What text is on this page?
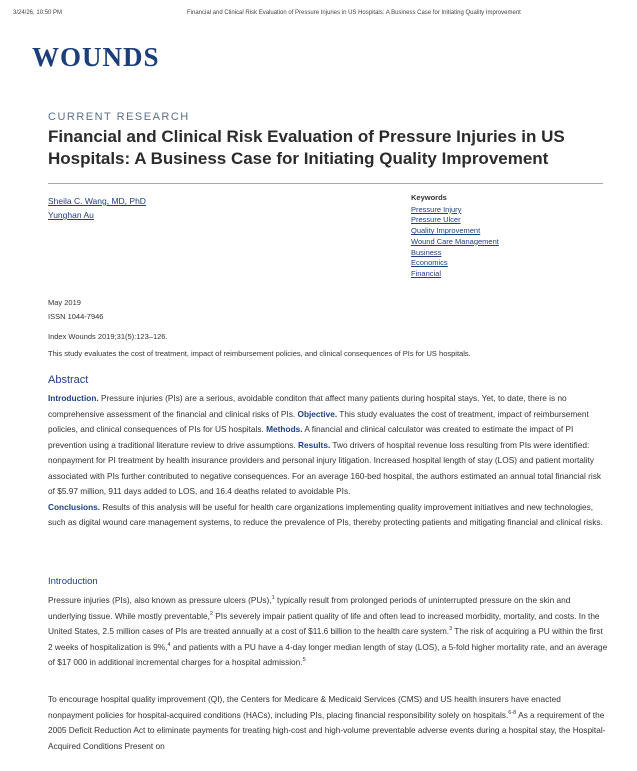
3/24/26, 10:50 PM	Financial and Clinical Risk Evaluation of Pressure Injuries in US Hospitals: A Business Case for Initiating Quality Improvement
WOUNDS
CURRENT RESEARCH
Financial and Clinical Risk Evaluation of Pressure Injuries in US Hospitals: A Business Case for Initiating Quality Improvement
Sheila C. Wang, MD, PhD
Yunghan Au
Keywords
Pressure Injury
Pressure Ulcer
Quality Improvement
Wound Care Management
Business
Economics
Financial
May 2019
ISSN 1044-7946
Index Wounds 2019;31(5):123–126.
This study evaluates the cost of treatment, impact of reimbursement policies, and clinical consequences of PIs for US hospitals.
Abstract

Introduction. Pressure injuries (PIs) are a serious, avoidable conditon that affect many patients during hospital stays. Yet, to date, there is no comprehensive assessment of the financial and clinical risks of PIs. Objective. This study evaluates the cost of treatment, impact of reimbursement policies, and clinical consequences of PIs for US hospitals. Methods. A financial and clinical calculator was created to estimate the impact of PI prevention using a traditional literature review to drive assumptions. Results. Two drivers of hospital revenue loss resulting from PIs were identified: nonpayment for PI treatment by health insurance providers and personal injury litigation. Increased hospital length of stay (LOS) and patient mortality associated with PIs further contributed to negative consequences. For an average 160-bed hospital, the authors estimated an annual total financial risk of $5.97 million, 911 days added to LOS, and 16.4 deaths related to avoidable PIs.
Conclusions. Results of this analysis will be useful for health care organizations implementing quality improvement initiatives and new technologies, such as digital wound care management systems, to reduce the prevalence of PIs, thereby protecting patients and mitigating financial and clinical risks.

Introduction

Pressure injuries (PIs), also known as pressure ulcers (PUs),$^1$ typically result from prolonged periods of uninterrupted pressure on the skin and underlying tissue. While mostly preventable,$^2$ PIs severely impair patient quality of life and often lead to increased morbidity, mortality, and costs. In the United States, 2.5 million cases of PIs are treated annually at a cost of $11.6 billion to the health care system.$^3$ The risk of acquiring a PU within the first 2 weeks of hospitalization is 9%,$^4$ and patients with a PU have a 4-day longer median length of stay (LOS), a 5-fold higher mortality rate, and an average of $17 000 in additional incremental charges for a hospital admission.$^5$

To encourage hospital quality improvement (QI), the Centers for Medicare & Medicaid Services (CMS) and US health insurers have enacted nonpayment policies for hospital-acquired conditions (HACs), including PIs, placing financial responsibility solely on hospitals.$^{6-8}$ As a requirement of the 2005 Deficit Reduction Act to eliminate payments for treating high-cost and high-volume preventable adverse events during a hospital stay, the Hospital-Acquired Conditions Present on
